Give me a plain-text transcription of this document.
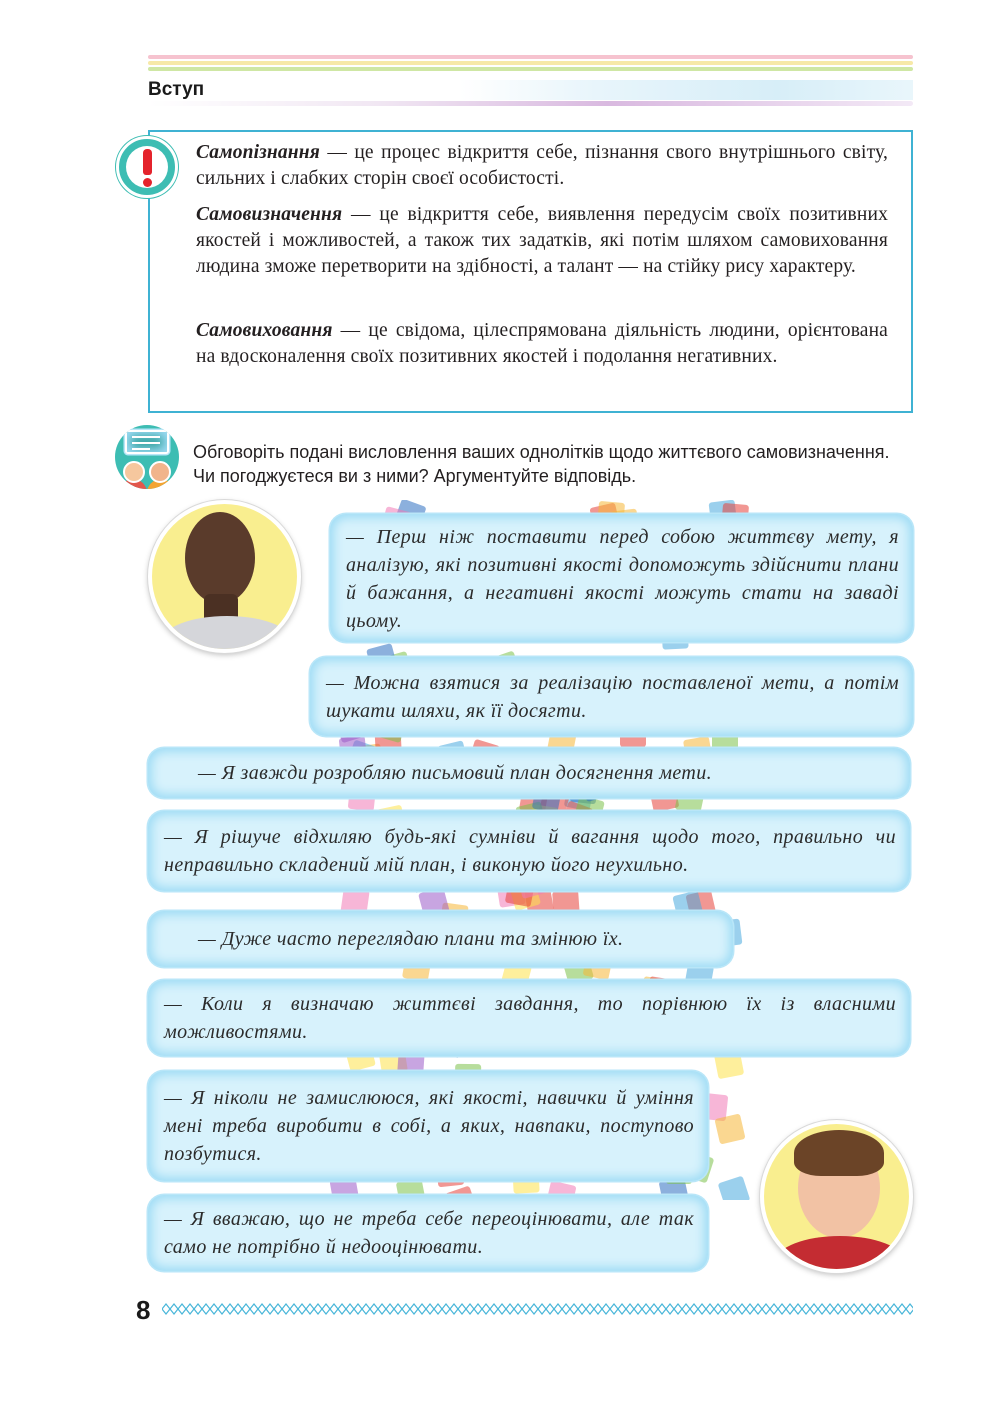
Вступ

Самопізнання — це процес відкриття себе, пізнання свого внутрішнього світу, сильних і слабких сторін своєї особистості.

Самовизначення — це відкриття себе, виявлення передусім своїх позитивних якостей і можливостей, а також тих задатків, які потім шляхом самовиховання людина зможе перетворити на здібності, а талант — на стійку рису характеру.

Самовиховання — це свідома, цілеспрямована діяльність людини, орієнтована на вдосконалення своїх позитивних якостей і подолання негативних.

Обговоріть подані висловлення ваших однолітків щодо життєвого самовизначення. Чи погоджуєтеся ви з ними? Аргументуйте відповідь.

— Перш ніж поставити перед собою життєву мету, я аналізую, які позитивні якості допоможуть здійснити плани й бажання, а негативні якості можуть стати на заваді цьому.

— Можна взятися за реалізацію поставленої мети, а потім шукати шляхи, як її досягти.

— Я завжди розробляю письмовий план досягнення мети.

— Я рішуче відхиляю будь-які сумніви й вагання щодо того, правильно чи неправильно складений мій план, і виконую його неухильно.

— Дуже часто переглядаю плани та змінюю їх.

— Коли я визначаю життєві завдання, то порівнюю їх із власними можливостями.

— Я ніколи не замислююся, які якості, навички й уміння мені треба виробити в собі, а яких, навпаки, поступово позбутися.

— Я вважаю, що не треба себе переоцінювати, але так само не потрібно й недооцінювати.

8
